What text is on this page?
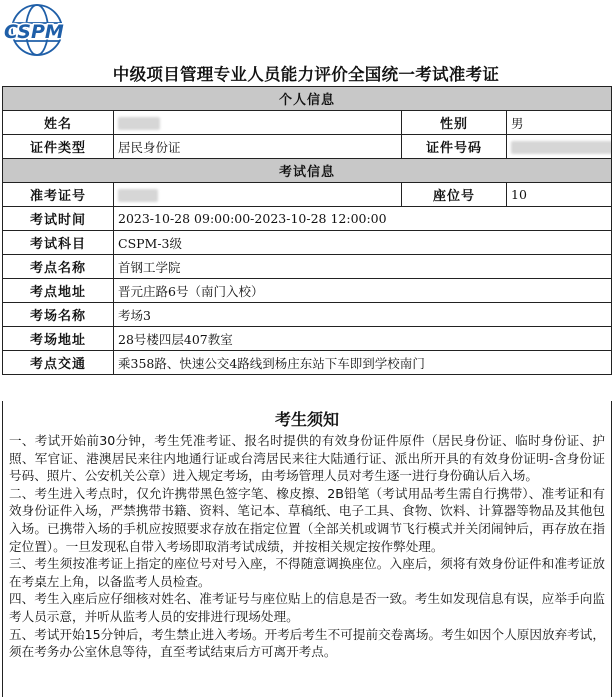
CSPM
中级项目管理专业人员能力评价全国统一考试准考证
个人信息			
姓名		性别	男
证件类型	居民身份证	证件号码	
考试信息			
准考证号		座位号	10
考试时间	2023-10-28 09:00:00-2023-10-28 12:00:00		
考试科目	CSPM-3级		
考点名称	首钢工学院		
考点地址	晋元庄路6号（南门入校）		
考场名称	考场3		
考场地址	28号楼四层407教室		
考点交通	乘358路、快速公交4路线到杨庄东站下车即到学校南门		
考生须知

一、考试开始前30分钟，考生凭准考证、报名时提供的有效身份证件原件（居民身份证、临时身份证、护照、军官证、港澳居民来往内地通行证或台湾居民来往大陆通行证、派出所开具的有效身份证明-含身份证号码、照片、公安机关公章）进入规定考场，由考场管理人员对考生逐一进行身份确认后入场。

二、考生进入考点时，仅允许携带黑色签字笔、橡皮擦、2B铅笔（考试用品考生需自行携带）、准考证和有效身份证件入场，严禁携带书籍、资料、笔记本、草稿纸、电子工具、食物、饮料、计算器等物品及其他包入场。已携带入场的手机应按照要求存放在指定位置（全部关机或调节飞行模式并关闭闹钟后，再存放在指定位置）。一旦发现私自带入考场即取消考试成绩，并按相关规定按作弊处理。

三、考生须按准考证上指定的座位号对号入座，不得随意调换座位。入座后，须将有效身份证件和准考证放在考桌左上角，以备监考人员检查。

四、考生入座后应仔细核对姓名、准考证号与座位贴上的信息是否一致。考生如发现信息有误，应举手向监考人员示意，并听从监考人员的安排进行现场处理。

五、考试开始15分钟后，考生禁止进入考场。开考后考生不可提前交卷离场。考生如因个人原因放弃考试，须在考务办公室休息等待，直至考试结束后方可离开考点。
